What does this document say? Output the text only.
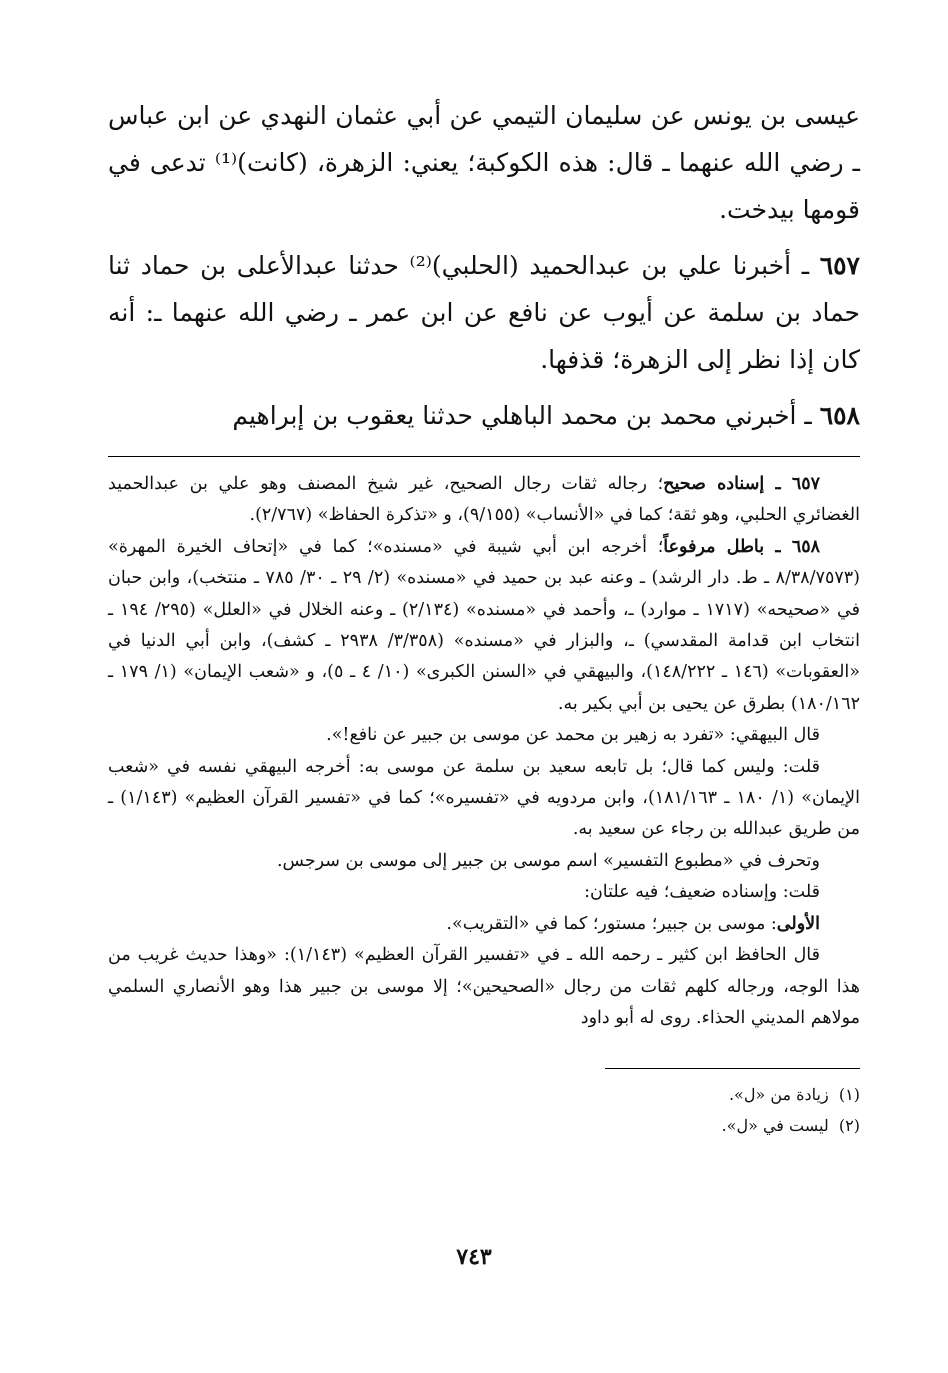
عيسى بن يونس عن سليمان التيمي عن أبي عثمان النهدي عن ابن عباس ـ رضي الله عنهما ـ قال: هذه الكوكبة؛ يعني: الزهرة، (كانت)⁽¹⁾ تدعى في قومها بيدخت.

٦٥٧ ـ أخبرنا علي بن عبدالحميد (الحلبي)⁽²⁾ حدثنا عبدالأعلى بن حماد ثنا حماد بن سلمة عن أيوب عن نافع عن ابن عمر ـ رضي الله عنهما ـ: أنه كان إذا نظر إلى الزهرة؛ قذفها.

٦٥٨ ـ أخبرني محمد بن محمد الباهلي حدثنا يعقوب بن إبراهيم

٦٥٧ ـ إسناده صحيح؛ رجاله ثقات رجال الصحيح، غير شيخ المصنف وهو علي بن عبدالحميد الغضائري الحلبي، وهو ثقة؛ كما في «الأنساب» (٩/١٥٥)، و «تذكرة الحفاظ» (٢/٧٦٧).

٦٥٨ ـ باطل مرفوعاً؛ أخرجه ابن أبي شيبة في «مسنده»؛ كما في «إتحاف الخيرة المهرة» (٨/٣٨/٧٥٧٣ ـ ط. دار الرشد) ـ وعنه عبد بن حميد في «مسنده» (٢/ ٢٩ ـ ٣٠/ ٧٨٥ ـ منتخب)، وابن حبان في «صحيحه» (١٧١٧ ـ موارد) ـ، وأحمد في «مسنده» (٢/١٣٤) ـ وعنه الخلال في «العلل» (٢٩٥/ ١٩٤ ـ انتخاب ابن قدامة المقدسي) ـ، والبزار في «مسنده» (٣/٣٥٨/ ٢٩٣٨ ـ كشف)، وابن أبي الدنيا في «العقوبات» (١٤٦ ـ ١٤٨/٢٢٢)، والبيهقي في «السنن الكبرى» (١٠/ ٤ ـ ٥)، و «شعب الإيمان» (١/ ١٧٩ ـ ١٨٠/١٦٢) بطرق عن يحيى بن أبي بكير به.

قال البيهقي: «تفرد به زهير بن محمد عن موسى بن جبير عن نافع!».

قلت: وليس كما قال؛ بل تابعه سعيد بن سلمة عن موسى به: أخرجه البيهقي نفسه في «شعب الإيمان» (١/ ١٨٠ ـ ١٨١/١٦٣)، وابن مردويه في «تفسيره»؛ كما في «تفسير القرآن العظيم» (١/١٤٣) ـ من طريق عبدالله بن رجاء عن سعيد به.

وتحرف في «مطبوع التفسير» اسم موسى بن جبير إلى موسى بن سرجس.

قلت: وإسناده ضعيف؛ فيه علتان:

الأولى: موسى بن جبير؛ مستور؛ كما في «التقريب».

قال الحافظ ابن كثير ـ رحمه الله ـ في «تفسير القرآن العظيم» (١/١٤٣): «وهذا حديث غريب من هذا الوجه، ورجاله كلهم ثقات من رجال «الصحيحين»؛ إلا موسى بن جبير هذا وهو الأنصاري السلمي مولاهم المديني الحذاء. روى له أبو داود

(١)  زيادة من «ل».

(٢)  ليست في «ل».

٧٤٣
